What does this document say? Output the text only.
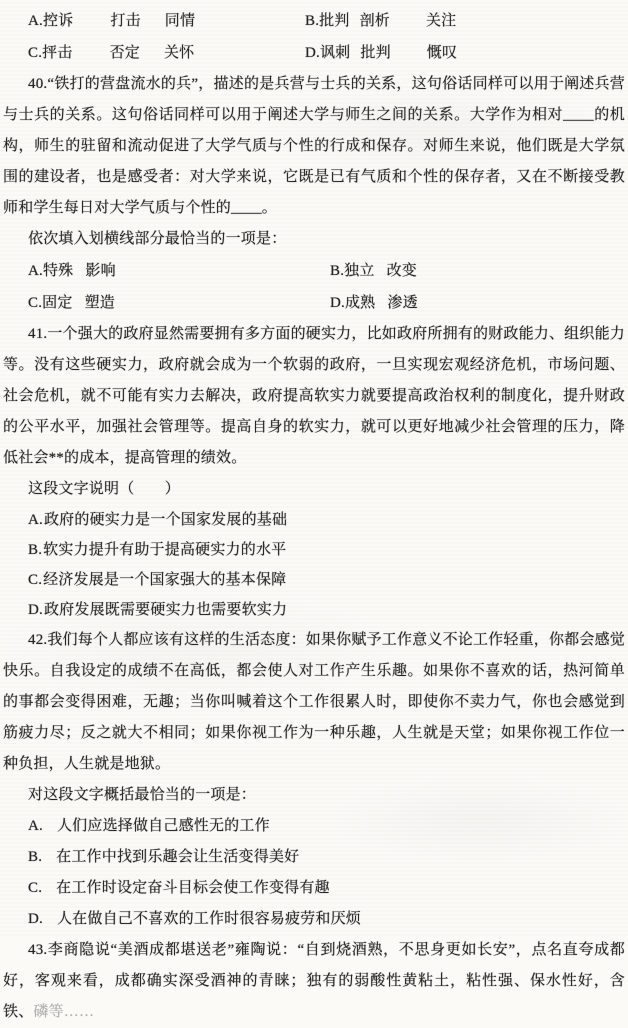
A.控诉 打击 同情	B.批判 剖析 关注
C.抨击 否定 关怀	D.讽刺 批判 慨叹

40.“铁打的营盘流水的兵”，描述的是兵营与士兵的关系，这句俗话同样可以用于阐述兵营与士兵的关系。这句俗话同样可以用于阐述大学与师生之间的关系。大学作为相对____的机构，师生的驻留和流动促进了大学气质与个性的行成和保存。对师生来说，他们既是大学氛围的建设者，也是感受者：对大学来说，它既是已有气质和个性的保存者，又在不断接受教师和学生每日对大学气质与个性的____。

依次填入划横线部分最恰当的一项是：

A.特殊 影响	B.独立 改变
C.固定 塑造	D.成熟 渗透

41.一个强大的政府显然需要拥有多方面的硬实力，比如政府所拥有的财政能力、组织能力等。没有这些硬实力，政府就会成为一个软弱的政府，一旦实现宏观经济危机，市场问题、社会危机，就不可能有实力去解决，政府提高软实力就要提高政治权利的制度化，提升财政的公平水平，加强社会管理等。提高自身的软实力，就可以更好地减少社会管理的压力，降低社会**的成本，提高管理的绩效。

这段文字说明（　　）

A.政府的硬实力是一个国家发展的基础
B.软实力提升有助于提高硬实力的水平
C.经济发展是一个国家强大的基本保障
D.政府发展既需要硬实力也需要软实力

42.我们每个人都应该有这样的生活态度：如果你赋予工作意义不论工作轻重，你都会感觉快乐。自我设定的成绩不在高低，都会使人对工作产生乐趣。如果你不喜欢的话，热河简单的事都会变得困难，无趣；当你叫喊着这个工作很累人时，即使你不卖力气，你也会感觉到筋疲力尽；反之就大不相同；如果你视工作为一种乐趣，人生就是天堂；如果你视工作位一种负担，人生就是地狱。

对这段文字概括最恰当的一项是：

A. 人们应选择做自己感性无的工作
B. 在工作中找到乐趣会让生活变得美好
C. 在工作时设定奋斗目标会使工作变得有趣
D. 人在做自己不喜欢的工作时很容易疲劳和厌烦

43.李商隐说“美酒成都堪送老”雍陶说：“自到烧酒熟，不思身更如长安”，点名直夸成都好，客观来看，成都确实深受酒神的青睐；独有的弱酸性黄粘土，粘性强、保水性好，含铁、磷等……
